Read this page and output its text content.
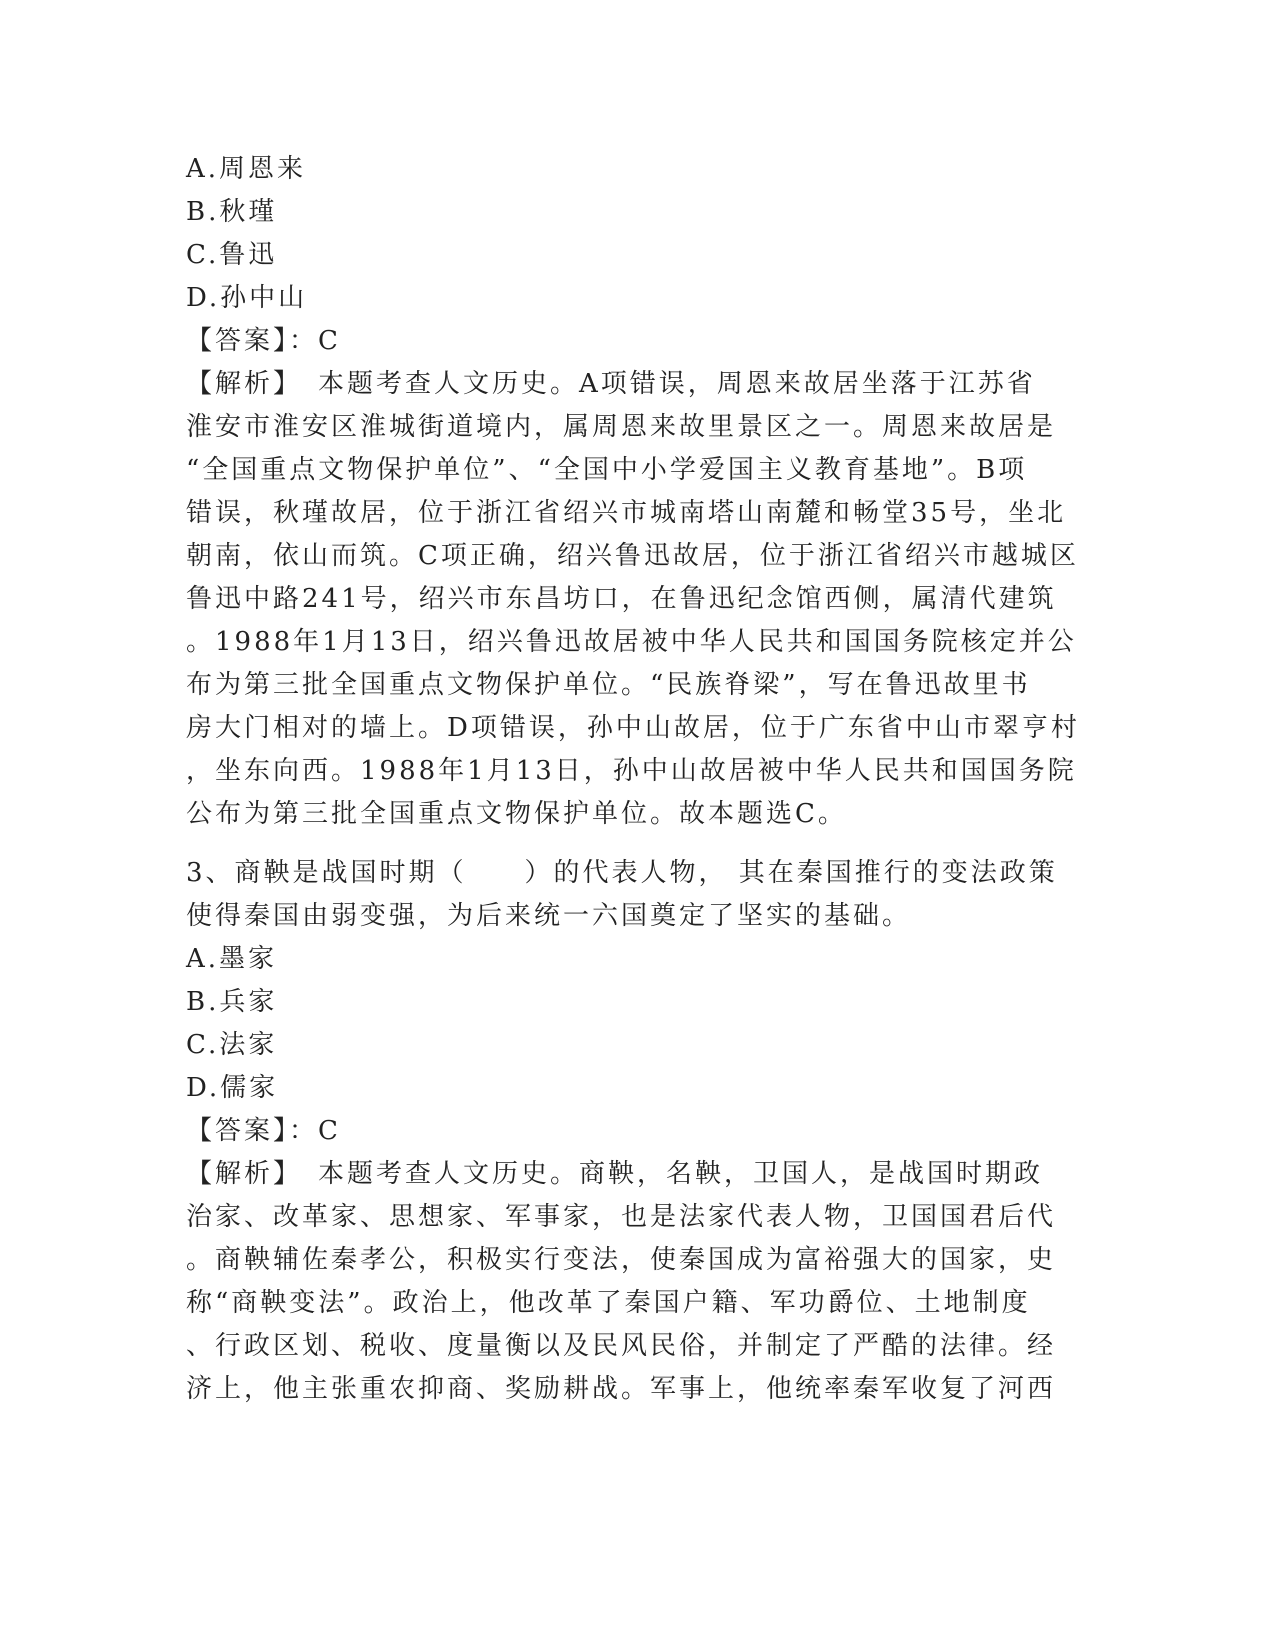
A.周恩来
B.秋瑾
C.鲁迅
D.孙中山
【答案】：C
【解析】　本题考查人文历史。A项错误，周恩来故居坐落于江苏省
淮安市淮安区淮城街道境内，属周恩来故里景区之一。周恩来故居是
“全国重点文物保护单位”、“全国中小学爱国主义教育基地”。B项
错误，秋瑾故居，位于浙江省绍兴市城南塔山南麓和畅堂35号，坐北
朝南，依山而筑。C项正确，绍兴鲁迅故居，位于浙江省绍兴市越城区
鲁迅中路241号，绍兴市东昌坊口，在鲁迅纪念馆西侧，属清代建筑
。1988年1月13日，绍兴鲁迅故居被中华人民共和国国务院核定并公
布为第三批全国重点文物保护单位。“民族脊梁”，写在鲁迅故里书
房大门相对的墙上。D项错误，孙中山故居，位于广东省中山市翠亨村
，坐东向西。1988年1月13日，孙中山故居被中华人民共和国国务院
公布为第三批全国重点文物保护单位。故本题选C。
3、商鞅是战国时期（　　）的代表人物， 其在秦国推行的变法政策
使得秦国由弱变强，为后来统一六国奠定了坚实的基础。
A.墨家
B.兵家
C.法家
D.儒家
【答案】：C
【解析】　本题考查人文历史。商鞅，名鞅，卫国人，是战国时期政
治家、改革家、思想家、军事家，也是法家代表人物，卫国国君后代
。商鞅辅佐秦孝公，积极实行变法，使秦国成为富裕强大的国家，史
称“商鞅变法”。政治上，他改革了秦国户籍、军功爵位、土地制度
、行政区划、税收、度量衡以及民风民俗，并制定了严酷的法律。经
济上，他主张重农抑商、奖励耕战。军事上，他统率秦军收复了河西
